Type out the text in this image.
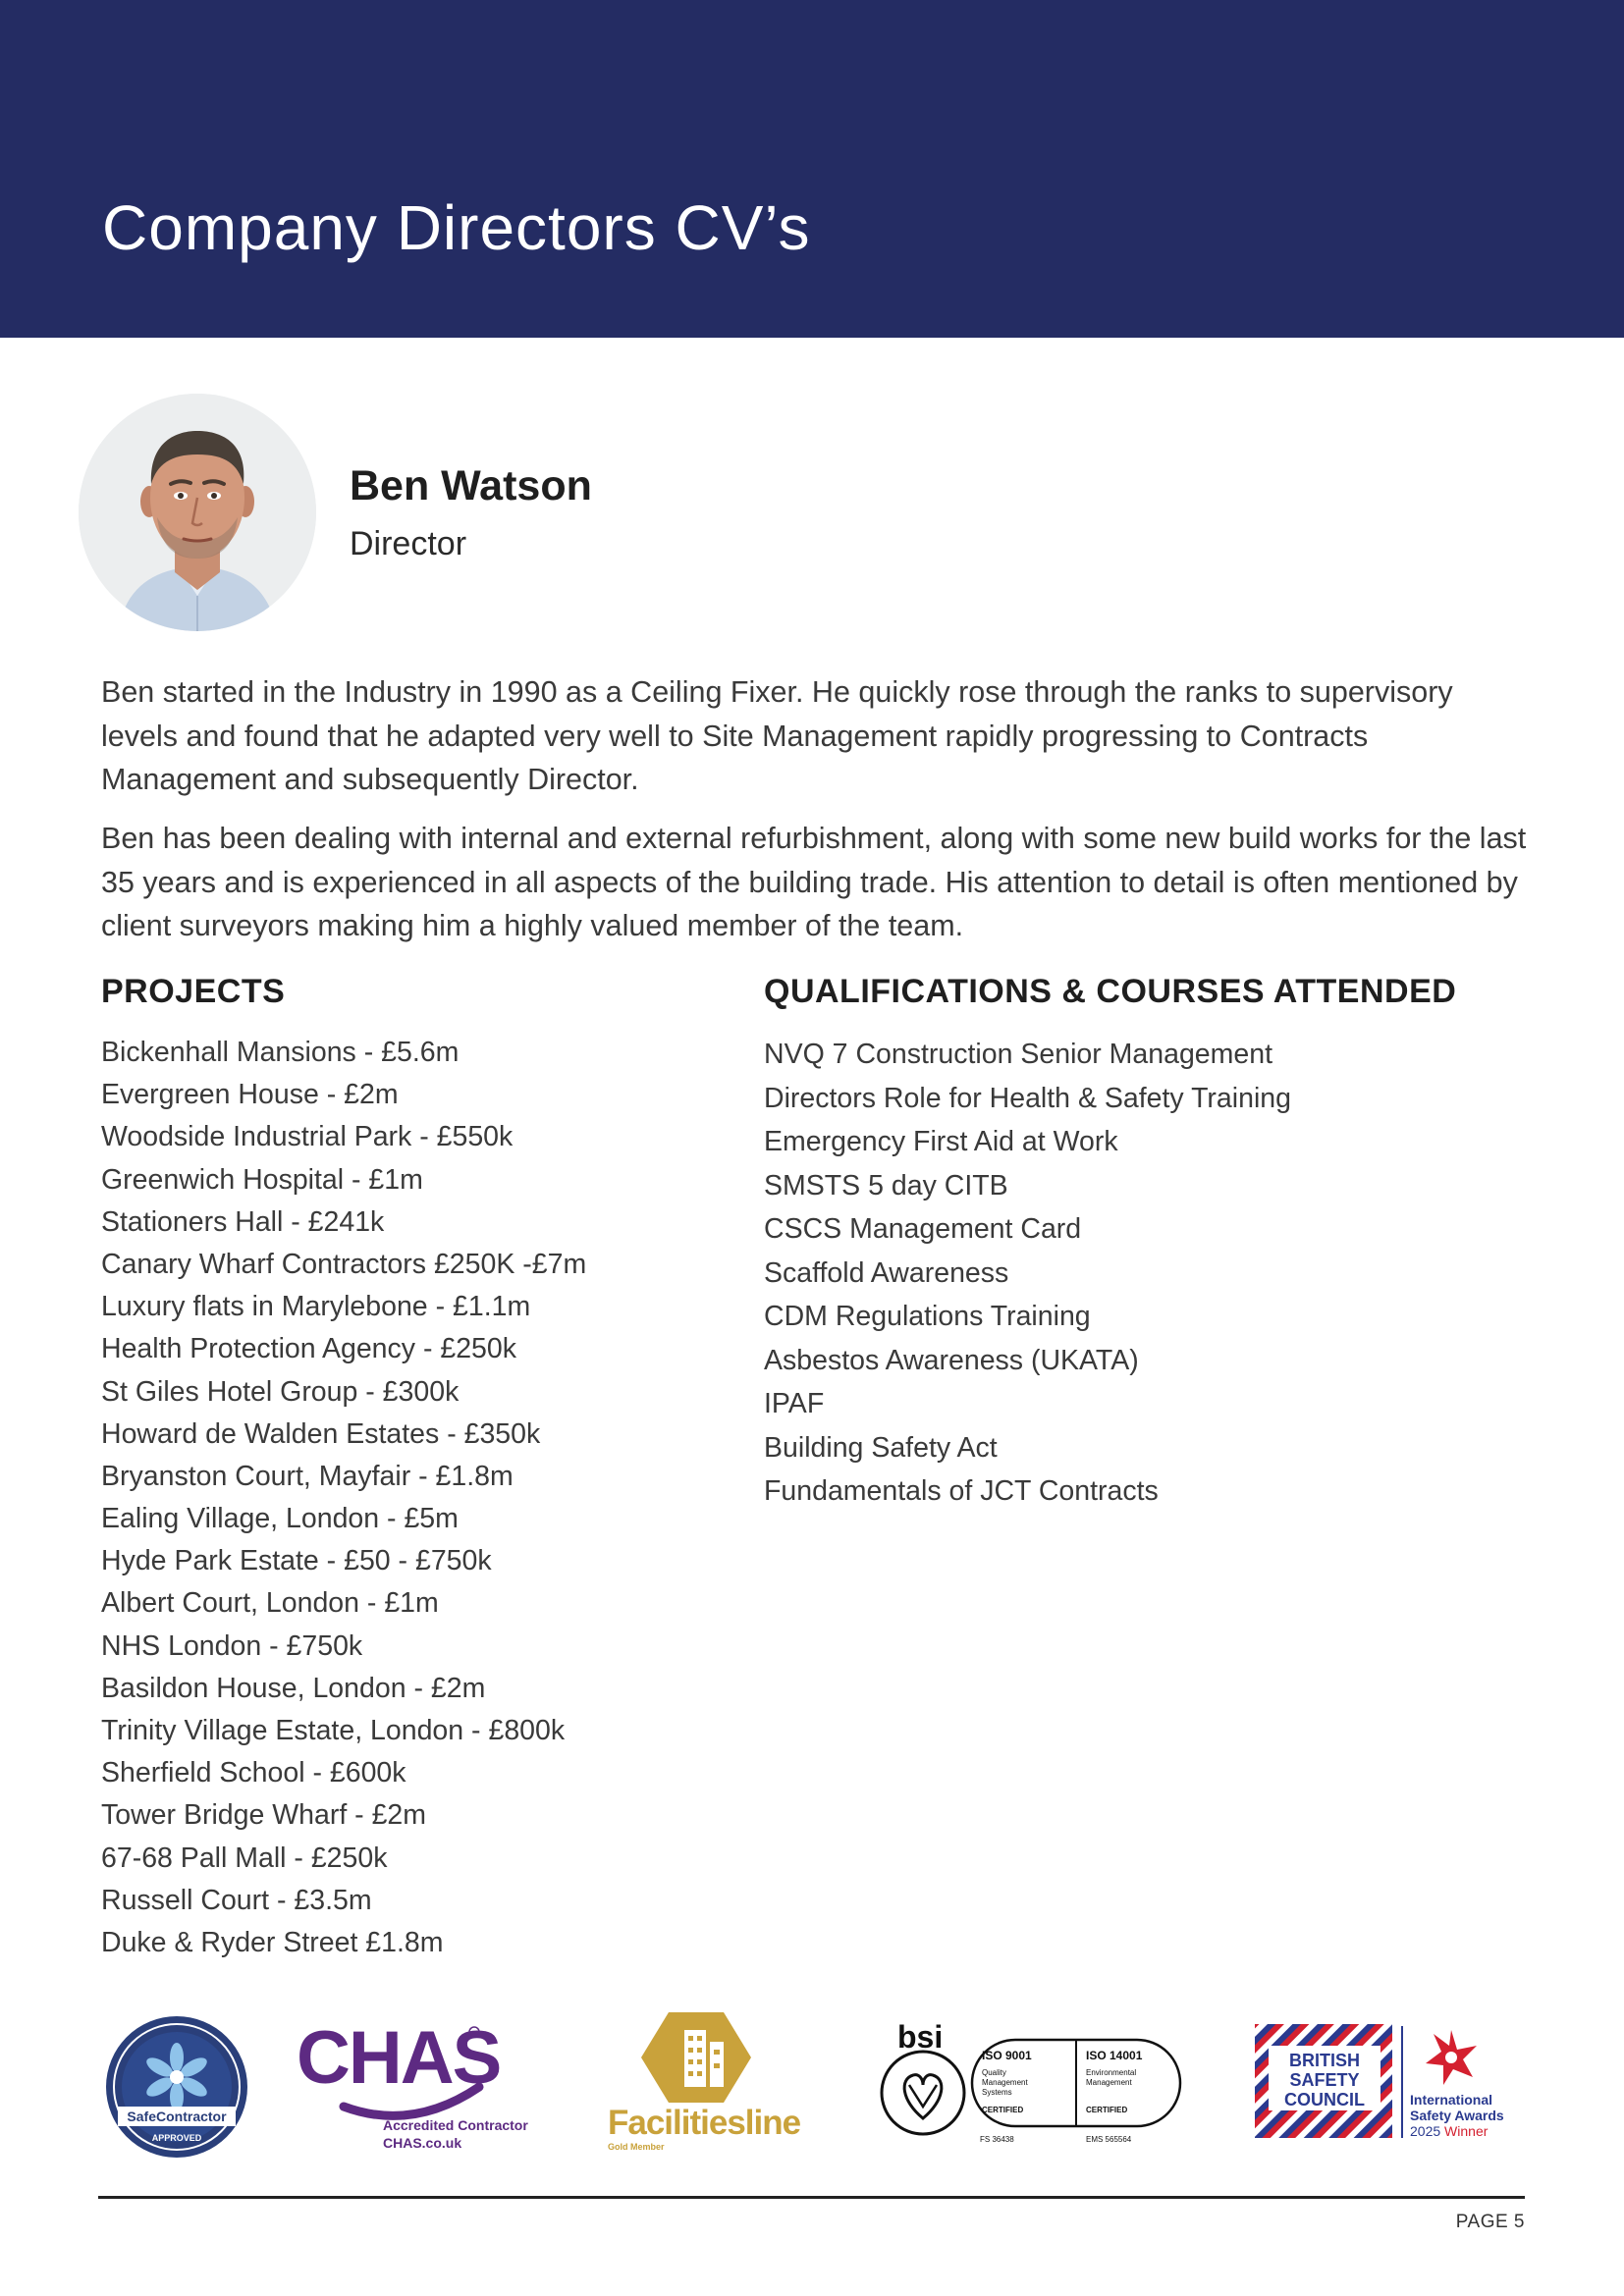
Company Directors CV’s
Ben Watson
Director

Ben started in the Industry in 1990 as a Ceiling Fixer. He quickly rose through the ranks to supervisory levels and found that he adapted very well to Site Management rapidly progressing to Contracts Management and subsequently Director.

Ben has been dealing with internal and external refurbishment, along with some new build works for the last 35 years and is experienced in all aspects of the building trade. His attention to detail is often mentioned by client surveyors making him a highly valued member of the team.

PROJECTS	QUALIFICATIONS & COURSES ATTENDED
Bickenhall Mansions - £5.6m
Evergreen House - £2m
Woodside Industrial Park - £550k
Greenwich Hospital - £1m
Stationers Hall - £241k
Canary Wharf Contractors £250K -£7m
Luxury flats in Marylebone - £1.1m
Health Protection Agency - £250k
St Giles Hotel Group - £300k
Howard de Walden Estates - £350k
Bryanston Court, Mayfair - £1.8m
Ealing Village, London - £5m
Hyde Park Estate - £50 - £750k
Albert Court, London - £1m
NHS London - £750k
Basildon House, London - £2m
Trinity Village Estate, London - £800k
Sherfield School - £600k
Tower Bridge Wharf - £2m
67-68 Pall Mall - £250k
Russell Court - £3.5m
Duke & Ryder Street £1.8m
NVQ 7 Construction Senior Management
Directors Role for Health & Safety Training
Emergency First Aid at Work
SMSTS 5 day CITB
CSCS Management Card
Scaffold Awareness
CDM Regulations Training
Asbestos Awareness (UKATA)
IPAF
Building Safety Act
Fundamentals of JCT Contracts
SafeContractor
APPROVED
CHAS
Accredited Contractor
CHAS.co.uk
Facilitiesline
Gold Member
bsi
ISO 9001
Quality
Management
Systems
CERTIFIED
ISO 14001
Environmental
Management
CERTIFIED
FS 36438	EMS 565564
BRITISH
SAFETY
COUNCIL	International
Safety Awards
2025 Winner
PAGE 5
